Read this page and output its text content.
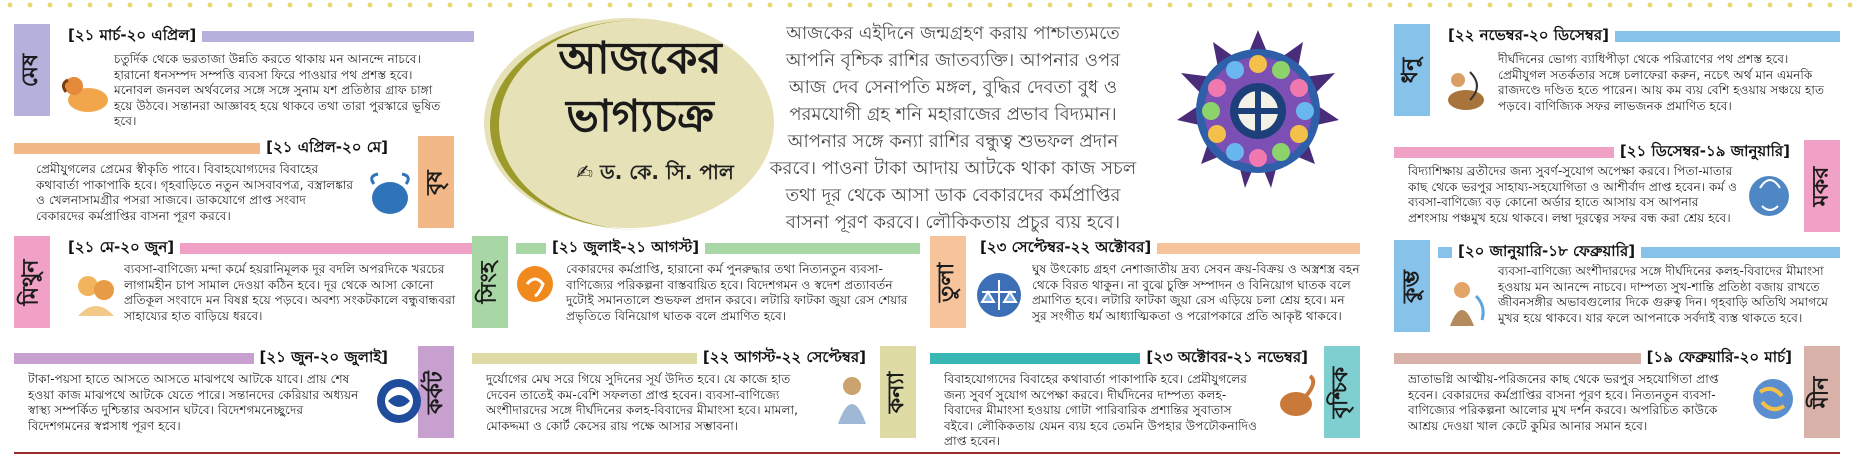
আজকের
ভাগ্যচক্র
✍ ড. কে. সি. পাল
আজকের এইদিনে জন্মগ্রহণ করায় পাশ্চাত্যমতে আপনি বৃশ্চিক রাশির জাতব্যক্তি। আপনার ওপর আজ দেব সেনাপতি মঙ্গল, বুদ্ধির দেবতা বুধ ও পরমযোগী গ্রহ শনি মহারাজের প্রভাব বিদ্যমান। আপনার সঙ্গে কন্যা রাশির বন্ধুত্ব শুভফল প্রদান করবে। পাওনা টাকা আদায় আটকে থাকা কাজ সচল তথা দূর থেকে আসা ডাক বেকারদের কর্মপ্রাপ্তির বাসনা পূরণ করবে। লৌকিকতায় প্রচুর ব্যয় হবে।
মেষ
[২১ মার্চ-২০ এপ্রিল]
চতুর্দিক থেকে ভরতাজা উন্নতি করতে থাকায় মন আনন্দে নাচবে। হারানো ধনসম্পদ সম্পত্তি ব্যবসা ফিরে পাওয়ার পথ প্রশস্ত হবে। মনোবল জনবল অর্থবলের সঙ্গে সঙ্গে সুনাম যশ প্রতিষ্ঠার গ্রাফ চাঙ্গা হয়ে উঠবে। সন্তানরা আজ্ঞাবহ হয়ে থাকবে তথা তারা পুরস্কারে ভূষিত হবে।
[২১ এপ্রিল-২০ মে]
বৃষ
প্রেমীযুগলের প্রেমের স্বীকৃতি পাবে। বিবাহযোগ্যদের বিবাহের কথাবার্তা পাকাপাকি হবে। গৃহবাড়িতে নতুন আসবাবপত্র, বস্ত্রালঙ্কার ও খেলনাসামগ্রীর পসরা সাজবে। ডাকযোগে প্রাপ্ত সংবাদ বেকারদের কর্মপ্রাপ্তির বাসনা পূরণ করবে।
মিথুন
[২১ মে-২০ জুন]
ব্যবসা-বাণিজ্যে মন্দা কর্মে হয়রানিমূলক দূর বদলি অপরদিকে খরচের লাগামহীন চাপ সামাল দেওয়া কঠিন হবে। দূর থেকে আসা কোনো প্রতিকূল সংবাদে মন বিষণ্ণ হয়ে পড়বে। অবশ্য সংকটকালে বন্ধুবান্ধবরা সাহায্যের হাত বাড়িয়ে ধরবে।
[২১ জুন-২০ জুলাই]
কর্কট
টাকা-পয়সা হাতে আসতে আসতে মাঝপথে আটকে যাবে। প্রায় শেষ হওয়া কাজ মাঝপথে আটকে যেতে পারে। সন্তানদের কেরিয়ার অধ্যয়ন স্বাস্থ্য সম্পর্কিত দুশ্চিন্তার অবসান ঘটবে। বিদেশগমনেচ্ছুদের বিদেশগমনের স্বপ্নসাধ পূরণ হবে।
সিংহ
[২১ জুলাই-২১ আগস্ট]
বেকারদের কর্মপ্রাপ্তি, হারানো কর্ম পুনরুদ্ধার তথা নিত্যনতুন ব্যবসা-বাণিজ্যের পরিকল্পনা বাস্তবায়িত হবে। বিদেশগমন ও স্বদেশ প্রত্যাবর্তন দুটোই সমানতালে শুভফল প্রদান করবে। লটারি ফাটকা জুয়া রেস শেয়ার প্রভৃতিতে বিনিয়োগ ঘাতক বলে প্রমাণিত হবে।
[২২ আগস্ট-২২ সেপ্টেম্বর]
কন্যা
দুর্যোগের মেঘ সরে গিয়ে সুদিনের সূর্য উদিত হবে। যে কাজে হাত দেবেন তাতেই কম-বেশি সফলতা প্রাপ্ত হবেন। ব্যবসা-বাণিজ্যে অংশীদারদের সঙ্গে দীর্ঘদিনের কলহ-বিবাদের মীমাংসা হবে। মামলা, মোকদ্দমা ও কোর্ট কেসের রায় পক্ষে আসার সম্ভাবনা।
তুলা
[২৩ সেপ্টেম্বর-২২ অক্টোবর]
ঘুষ উৎকোচ গ্রহণ নেশাজাতীয় দ্রব্য সেবন ক্রয়-বিক্রয় ও অস্ত্রশস্ত্র বহন থেকে বিরত থাকুন। না বুঝে চুক্তি সম্পাদন ও বিনিয়োগ ঘাতক বলে প্রমাণিত হবে। লটারি ফাটকা জুয়া রেস এড়িয়ে চলা শ্রেয় হবে। মন সুর সংগীত ধর্ম আধ্যাত্মিকতা ও পরোপকারে প্রতি আকৃষ্ট থাকবে।
[২৩ অক্টোবর-২১ নভেম্বর]
বৃশ্চিক
বিবাহযোগ্যদের বিবাহের কথাবার্তা পাকাপাকি হবে। প্রেমীযুগলের জন্য সুবর্ণ সুযোগ অপেক্ষা করবে। দীর্ঘদিনের দাম্পত্য কলহ-বিবাদের মীমাংসা হওয়ায় গোটা পারিবারিক প্রশান্তির সুবাতাস বইবে। লৌকিকতায় যেমন ব্যয় হবে তেমনি উপহার উপঢৌকনাদিও প্রাপ্ত হবেন।
ধনু
[২২ নভেম্বর-২০ ডিসেম্বর]
দীর্ঘদিনের ভোগ্য ব্যাধিপীড়া থেকে পরিত্রাণের পথ প্রশস্ত হবে। প্রেমীযুগল সতর্কতার সঙ্গে চলাফেরা করুন, নচেৎ অর্থ মান এমনকি রাজদণ্ডে দণ্ডিত হতে পারেন। আয় কম ব্যয় বেশি হওয়ায় সঞ্চয়ে হাত পড়বে। বাণিজ্যিক সফর লাভজনক প্রমাণিত হবে।
[২১ ডিসেম্বর-১৯ জানুয়ারি]
মকর
বিদ্যাশিক্ষায় ব্রতীদের জন্য সুবর্ণ-সুযোগ অপেক্ষা করবে। পিতা-মাতার কাছ থেকে ভরপুর সাহায্য-সহযোগিতা ও আশীর্বাদ প্রাপ্ত হবেন। কর্ম ও ব্যবসা-বাণিজ্যে বড় কোনো অর্ডার হাতে আসায় বস আপনার প্রশংসায় পঞ্চমুখ হয়ে থাকবে। লম্বা দূরত্বের সফর বন্ধ করা শ্রেয় হবে।
কুম্ভ
[২০ জানুয়ারি-১৮ ফেব্রুয়ারি]
ব্যবসা-বাণিজ্যে অংশীদারদের সঙ্গে দীর্ঘদিনের কলহ-বিবাদের মীমাংসা হওয়ায় মন আনন্দে নাচবে। দাম্পত্য সুখ-শান্তি প্রতিষ্ঠা বজায় রাখতে জীবনসঙ্গীর অভাবগুলোর দিকে গুরুত্ব দিন। গৃহবাড়ি অতিথি সমাগমে মুখর হয়ে থাকবে। যার ফলে আপনাকে সর্বদাই ব্যস্ত থাকতে হবে।
[১৯ ফেব্রুয়ারি-২০ মার্চ]
মীন
ভ্রাতাভগ্নি আত্মীয়-পরিজনের কাছ থেকে ভরপুর সহযোগিতা প্রাপ্ত হবেন। বেকারদের কর্মপ্রাপ্তির বাসনা পূরণ হবে। নিত্যনতুন ব্যবসা-বাণিজ্যের পরিকল্পনা আলোর মুখ দর্শন করবে। অপরিচিত কাউকে আশ্রয় দেওয়া খাল কেটে কুমির আনার সমান হবে।
